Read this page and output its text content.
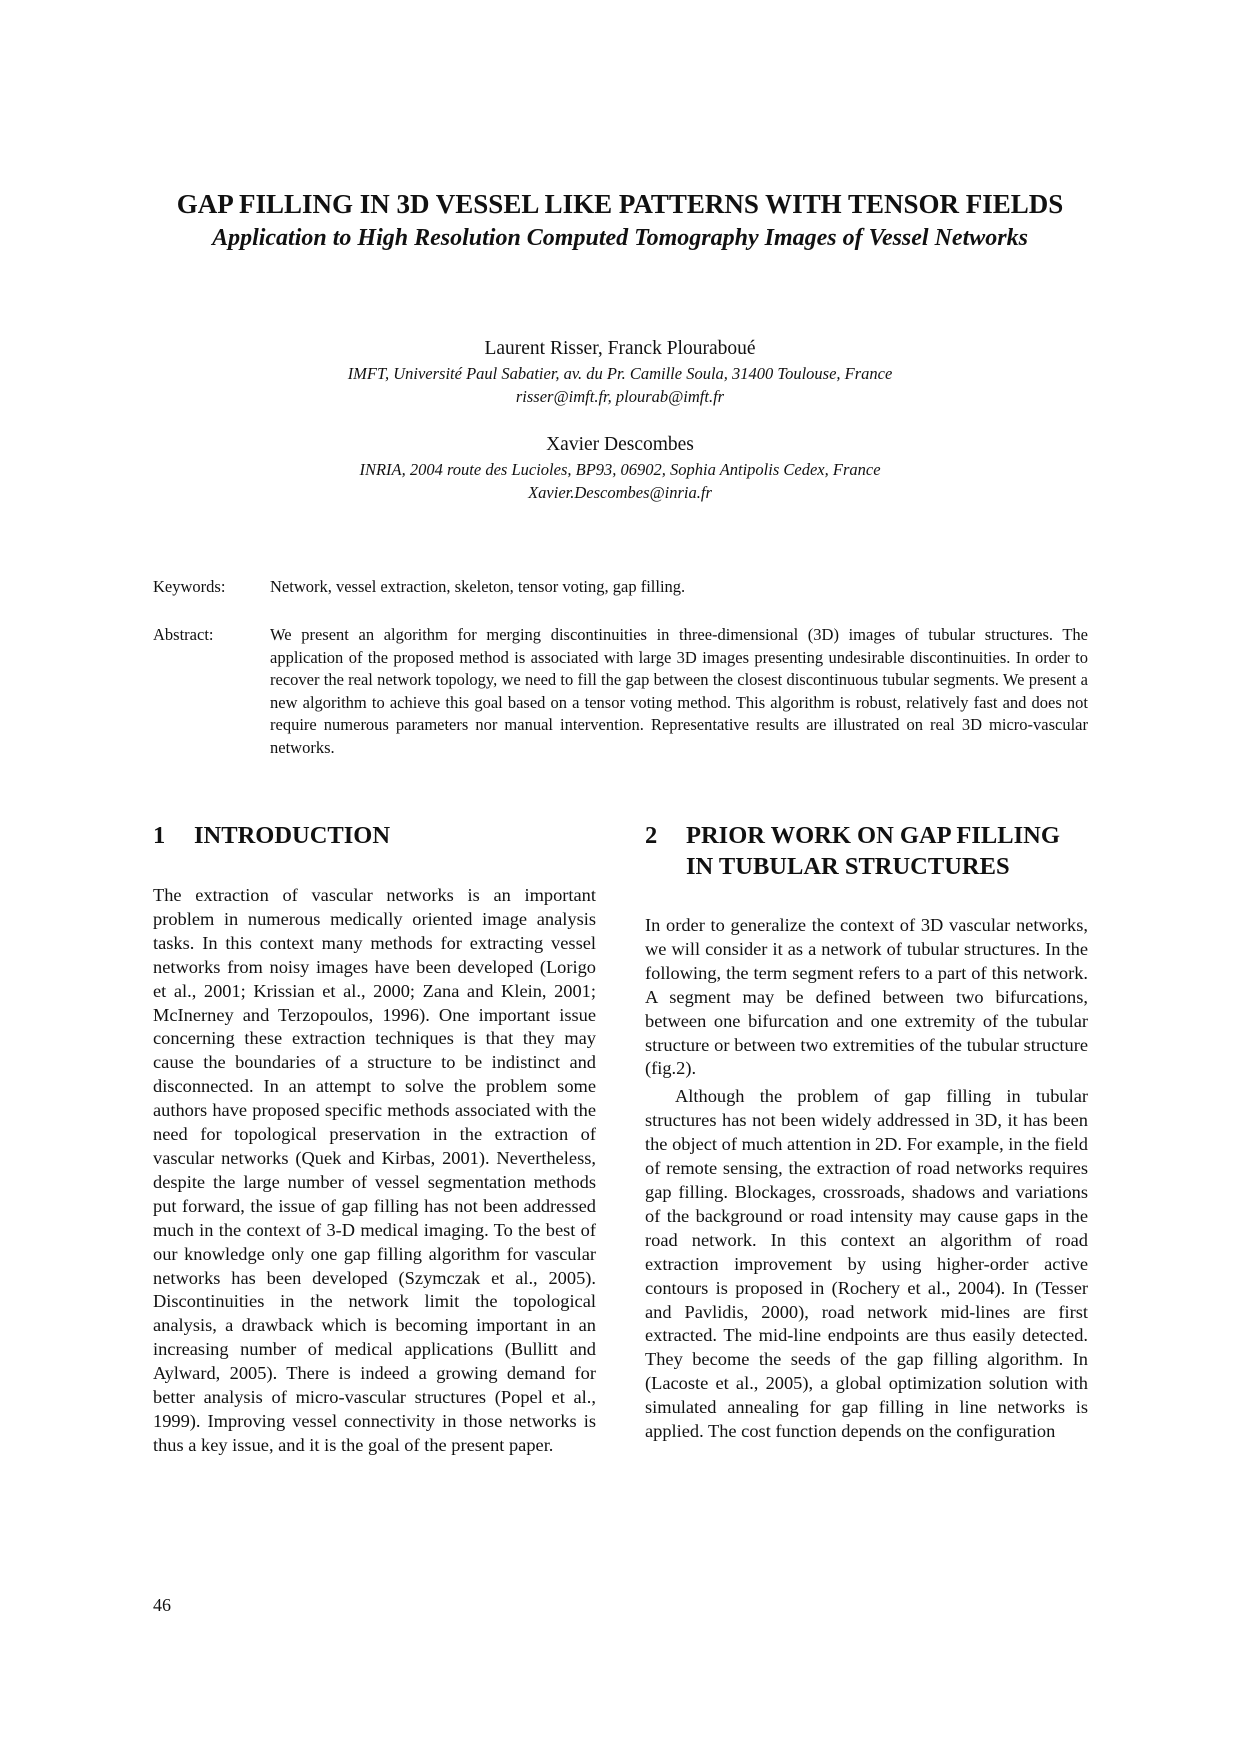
GAP FILLING IN 3D VESSEL LIKE PATTERNS WITH TENSOR FIELDS
Application to High Resolution Computed Tomography Images of Vessel Networks
Laurent Risser, Franck Plouraboué
IMFT, Université Paul Sabatier, av. du Pr. Camille Soula, 31400 Toulouse, France
risser@imft.fr, plourab@imft.fr
Xavier Descombes
INRIA, 2004 route des Lucioles, BP93, 06902, Sophia Antipolis Cedex, France
Xavier.Descombes@inria.fr
Keywords:	Network, vessel extraction, skeleton, tensor voting, gap filling.
Abstract:	We present an algorithm for merging discontinuities in three-dimensional (3D) images of tubular structures. The application of the proposed method is associated with large 3D images presenting undesirable discontinuities. In order to recover the real network topology, we need to fill the gap between the closest discontinuous tubular segments. We present a new algorithm to achieve this goal based on a tensor voting method. This algorithm is robust, relatively fast and does not require numerous parameters nor manual intervention. Representative results are illustrated on real 3D micro-vascular networks.
1 INTRODUCTION

The extraction of vascular networks is an important problem in numerous medically oriented image analysis tasks. In this context many methods for extracting vessel networks from noisy images have been developed (Lorigo et al., 2001; Krissian et al., 2000; Zana and Klein, 2001; McInerney and Terzopoulos, 1996). One important issue concerning these extraction techniques is that they may cause the boundaries of a structure to be indistinct and disconnected. In an attempt to solve the problem some authors have proposed specific methods associated with the need for topological preservation in the extraction of vascular networks (Quek and Kirbas, 2001). Nevertheless, despite the large number of vessel segmentation methods put forward, the issue of gap filling has not been addressed much in the context of 3-D medical imaging. To the best of our knowledge only one gap filling algorithm for vascular networks has been developed (Szymczak et al., 2005). Discontinuities in the network limit the topological analysis, a drawback which is becoming important in an increasing number of medical applications (Bullitt and Aylward, 2005). There is indeed a growing demand for better analysis of micro-vascular structures (Popel et al., 1999). Improving vessel connectivity in those networks is thus a key issue, and it is the goal of the present paper.

2 PRIOR WORK ON GAP FILLING IN TUBULAR STRUCTURES

In order to generalize the context of 3D vascular networks, we will consider it as a network of tubular structures. In the following, the term segment refers to a part of this network. A segment may be defined between two bifurcations, between one bifurcation and one extremity of the tubular structure or between two extremities of the tubular structure (fig.2).

Although the problem of gap filling in tubular structures has not been widely addressed in 3D, it has been the object of much attention in 2D. For example, in the field of remote sensing, the extraction of road networks requires gap filling. Blockages, crossroads, shadows and variations of the background or road intensity may cause gaps in the road network. In this context an algorithm of road extraction improvement by using higher-order active contours is proposed in (Rochery et al., 2004). In (Tesser and Pavlidis, 2000), road network mid-lines are first extracted. The mid-line endpoints are thus easily detected. They become the seeds of the gap filling algorithm. In (Lacoste et al., 2005), a global optimization solution with simulated annealing for gap filling in line networks is applied. The cost function depends on the configuration

46
